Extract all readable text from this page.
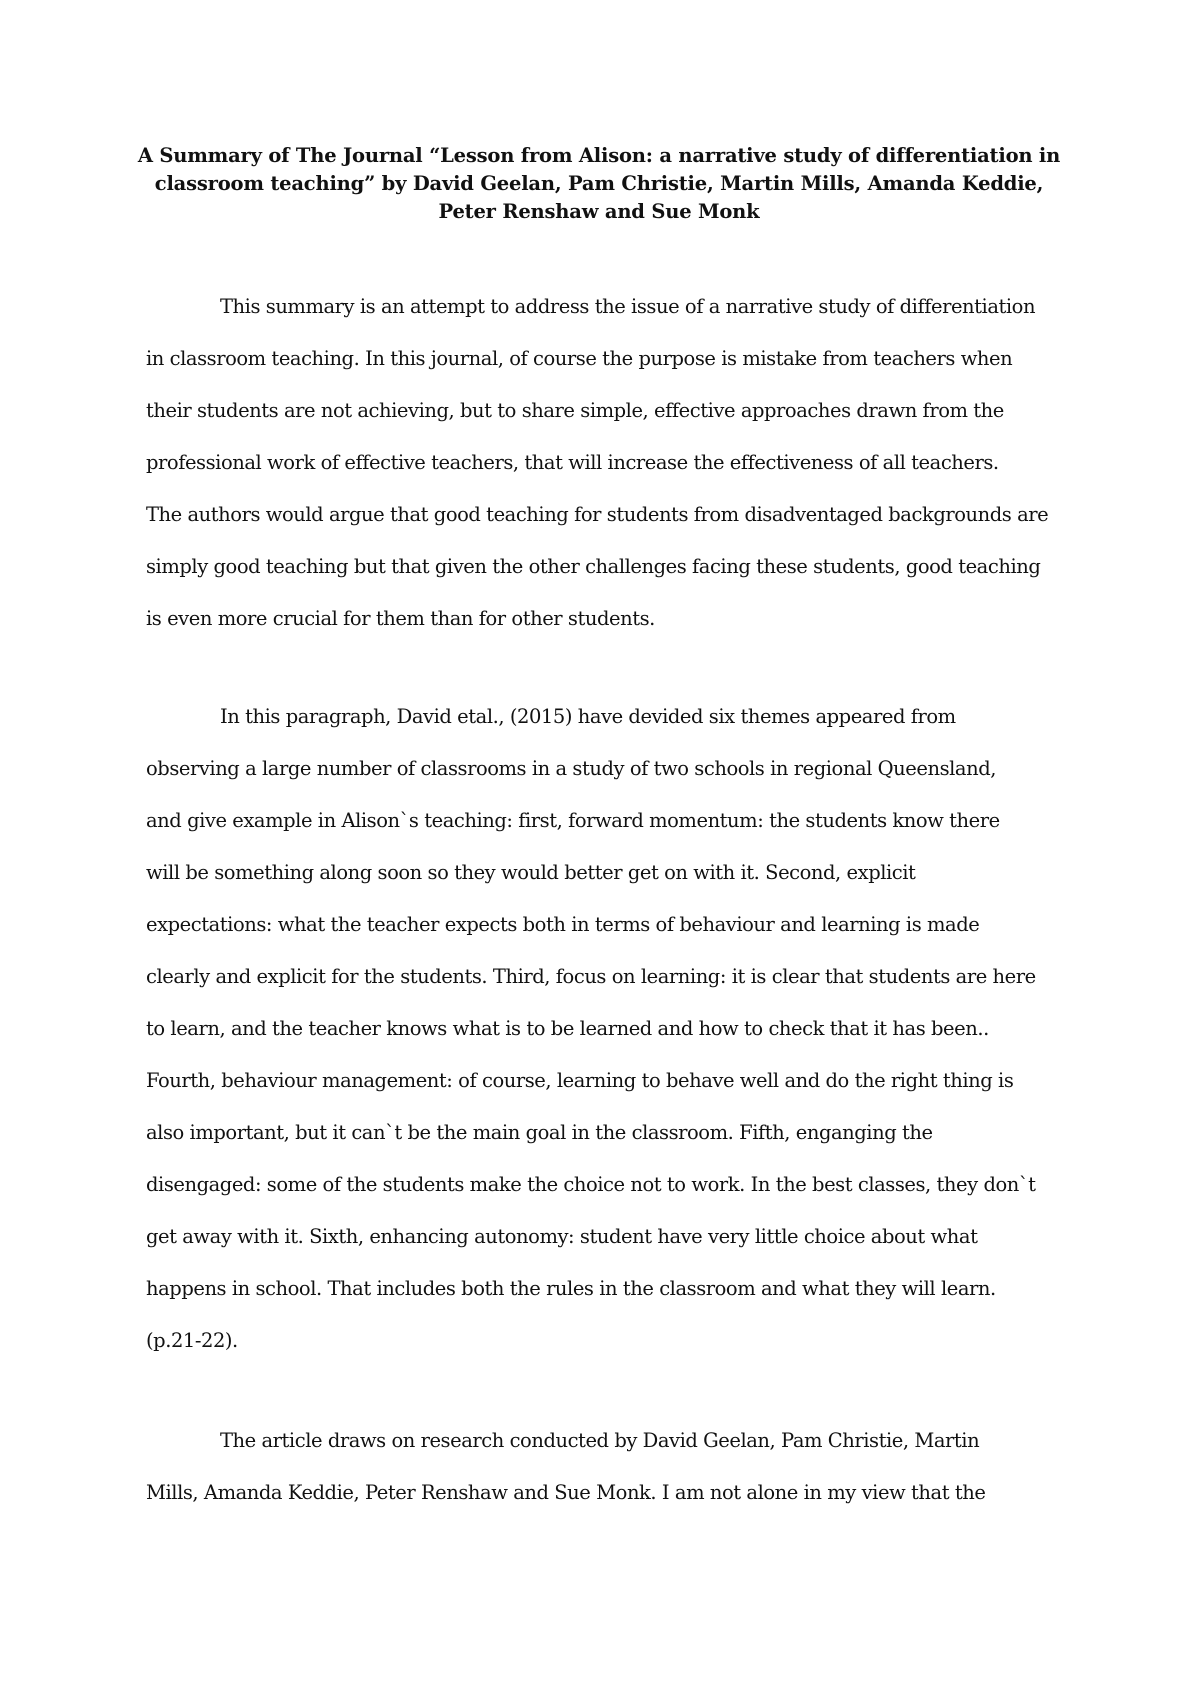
A Summary of The Journal “Lesson from Alison: a narrative study of differentiation in
classroom teaching” by David Geelan, Pam Christie, Martin Mills, Amanda Keddie,
Peter Renshaw and Sue Monk
This summary is an attempt to address the issue of a narrative study of differentiation
in classroom teaching. In this journal, of course the purpose is mistake from teachers when
their students are not achieving, but to share simple, effective approaches drawn from the
professional work of effective teachers, that will increase the effectiveness of all teachers.
The authors would argue that good teaching for students from disadventaged backgrounds are
simply good teaching but that given the other challenges facing these students, good teaching
is even more crucial for them than for other students.
In this paragraph, David etal., (2015) have devided six themes appeared from
observing a large number of classrooms in a study of two schools in regional Queensland,
and give example in Alison`s teaching: first, forward momentum: the students know there
will be something along soon so they would better get on with it. Second, explicit
expectations: what the teacher expects both in terms of behaviour and learning is made
clearly and explicit for the students. Third, focus on learning: it is clear that students are here
to learn, and the teacher knows what is to be learned and how to check that it has been..
Fourth, behaviour management: of course, learning to behave well and do the right thing is
also important, but it can`t be the main goal in the classroom. Fifth, enganging the
disengaged: some of the students make the choice not to work. In the best classes, they don`t
get away with it. Sixth, enhancing autonomy: student have very little choice about what
happens in school. That includes both the rules in the classroom and what they will learn.
(p.21-22).
The article draws on research conducted by David Geelan, Pam Christie, Martin
Mills, Amanda Keddie, Peter Renshaw and Sue Monk. I am not alone in my view that the
